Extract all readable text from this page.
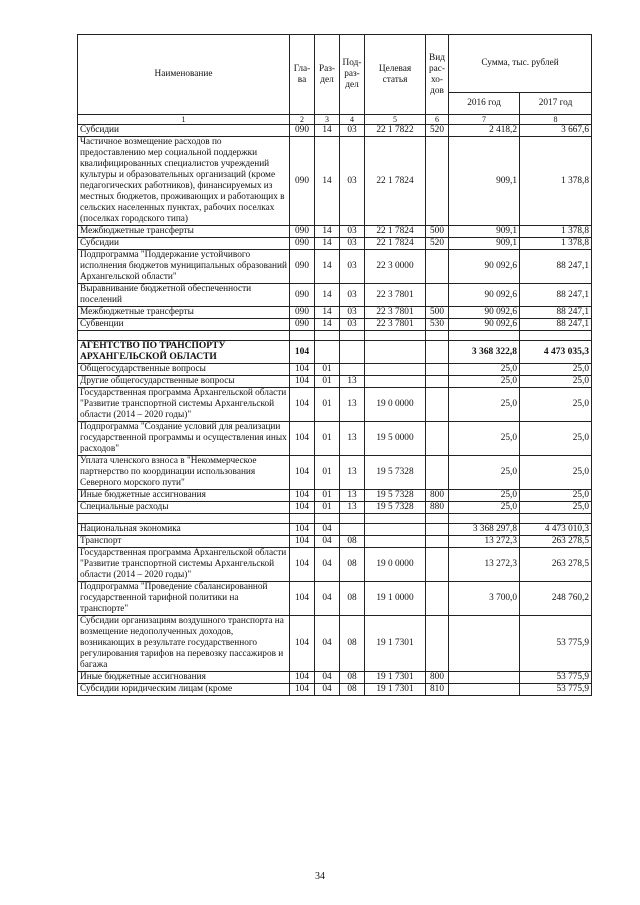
Наименование	Гла-ва	Раз-дел	Под-раз-дел	Целевая статья	Вид рас-хо-дов	Сумма, тыс. рублей	
						2016 год	2017 год
1	2	3	4	5	6	7	8
Субсидии	090	14	03	22 1 7822	520	2 418,2	3 667,6
Частичное возмещение расходов по предоставлению мер социальной поддержки квалифицированных специалистов учреждений культуры и образовательных организаций (кроме педагогических работников), финансируемых из местных бюджетов, проживающих и работающих в сельских населенных пунктах, рабочих поселках (поселках городского типа)	090	14	03	22 1 7824		909,1	1 378,8
Межбюджетные трансферты	090	14	03	22 1 7824	500	909,1	1 378,8
Субсидии	090	14	03	22 1 7824	520	909,1	1 378,8
Подпрограмма "Поддержание устойчивого исполнения бюджетов муниципальных образований Архангельской области"	090	14	03	22 3 0000		90 092,6	88 247,1
Выравнивание бюджетной обеспеченности поселений	090	14	03	22 3 7801		90 092,6	88 247,1
Межбюджетные трансферты	090	14	03	22 3 7801	500	90 092,6	88 247,1
Субвенции	090	14	03	22 3 7801	530	90 092,6	88 247,1

АГЕНТСТВО ПО ТРАНСПОРТУ АРХАНГЕЛЬСКОЙ ОБЛАСТИ	104					3 368 322,8	4 473 035,3
Общегосударственные вопросы	104	01				25,0	25,0
Другие общегосударственные вопросы	104	01	13			25,0	25,0
Государственная программа Архангельской области "Развитие транспортной системы Архангельской области (2014 – 2020 годы)"	104	01	13	19 0 0000		25,0	25,0
Подпрограмма "Создание условий для реализации государственной программы и осуществления иных расходов"	104	01	13	19 5 0000		25,0	25,0
Уплата членского взноса в "Некоммерческое партнерство по координации использования Северного морского пути"	104	01	13	19 5 7328		25,0	25,0
Иные бюджетные ассигнования	104	01	13	19 5 7328	800	25,0	25,0
Специальные расходы	104	01	13	19 5 7328	880	25,0	25,0

Национальная экономика	104	04				3 368 297,8	4 473 010,3
Транспорт	104	04	08			13 272,3	263 278,5
Государственная программа Архангельской области "Развитие транспортной системы Архангельской области (2014 – 2020 годы)"	104	04	08	19 0 0000		13 272,3	263 278,5
Подпрограмма "Проведение сбалансированной государственной тарифной политики на транспорте"	104	04	08	19 1 0000		3 700,0	248 760,2
Субсидии организациям воздушного транспорта на возмещение недополученных доходов, возникающих в результате государственного регулирования тарифов на перевозку пассажиров и багажа	104	04	08	19 1 7301			53 775,9
Иные бюджетные ассигнования	104	04	08	19 1 7301	800		53 775,9
Субсидии юридическим лицам (кроме	104	04	08	19 1 7301	810		53 775,9
34
